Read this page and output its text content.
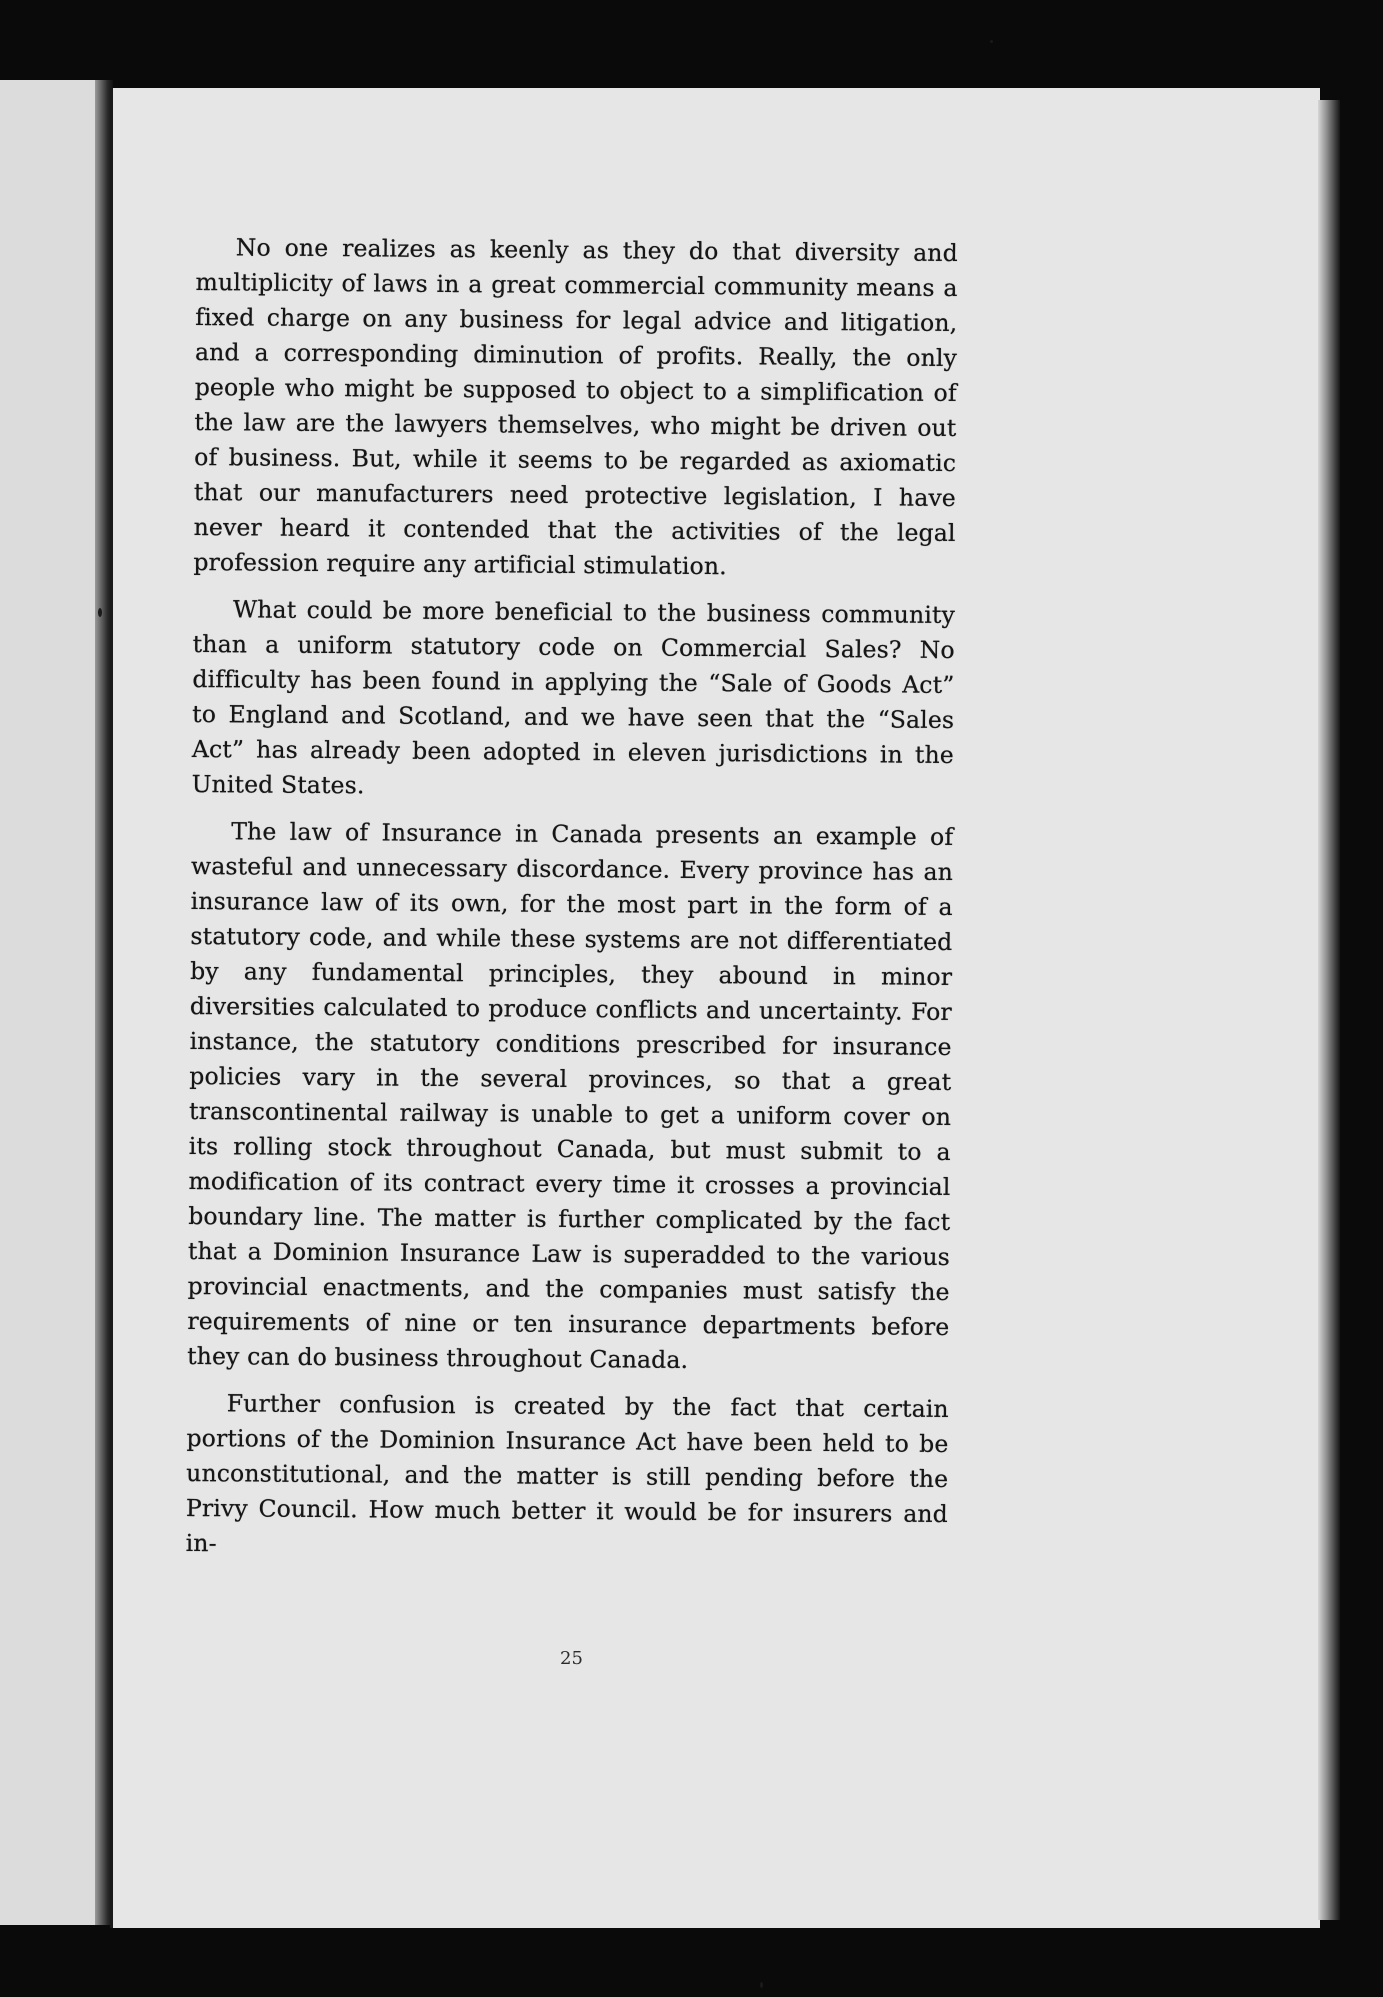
No one realizes as keenly as they do that diversity and multiplicity of laws in a great commercial community means a fixed charge on any business for legal advice and litigation, and a corresponding diminution of profits. Really, the only people who might be supposed to object to a simplification of the law are the lawyers themselves, who might be driven out of business. But, while it seems to be regarded as axiomatic that our manufacturers need protective legislation, I have never heard it contended that the activities of the legal profession require any artificial stimulation.

What could be more beneficial to the business community than a uniform statutory code on Commercial Sales? No difficulty has been found in applying the “Sale of Goods Act” to England and Scotland, and we have seen that the “Sales Act” has already been adopted in eleven jurisdictions in the United States.

The law of Insurance in Canada presents an example of wasteful and unnecessary discordance. Every province has an insurance law of its own, for the most part in the form of a statutory code, and while these systems are not differentiated by any fundamental principles, they abound in minor diversities calculated to produce conflicts and uncertainty. For instance, the statutory conditions prescribed for insurance policies vary in the several provinces, so that a great transcontinental railway is unable to get a uniform cover on its rolling stock throughout Canada, but must submit to a modification of its contract every time it crosses a provincial boundary line. The matter is further complicated by the fact that a Dominion Insurance Law is superadded to the various provincial enactments, and the companies must satisfy the requirements of nine or ten insurance departments before they can do business throughout Canada.

Further confusion is created by the fact that certain portions of the Dominion Insurance Act have been held to be unconstitutional, and the matter is still pending before the Privy Council. How much better it would be for insurers and in-

25
